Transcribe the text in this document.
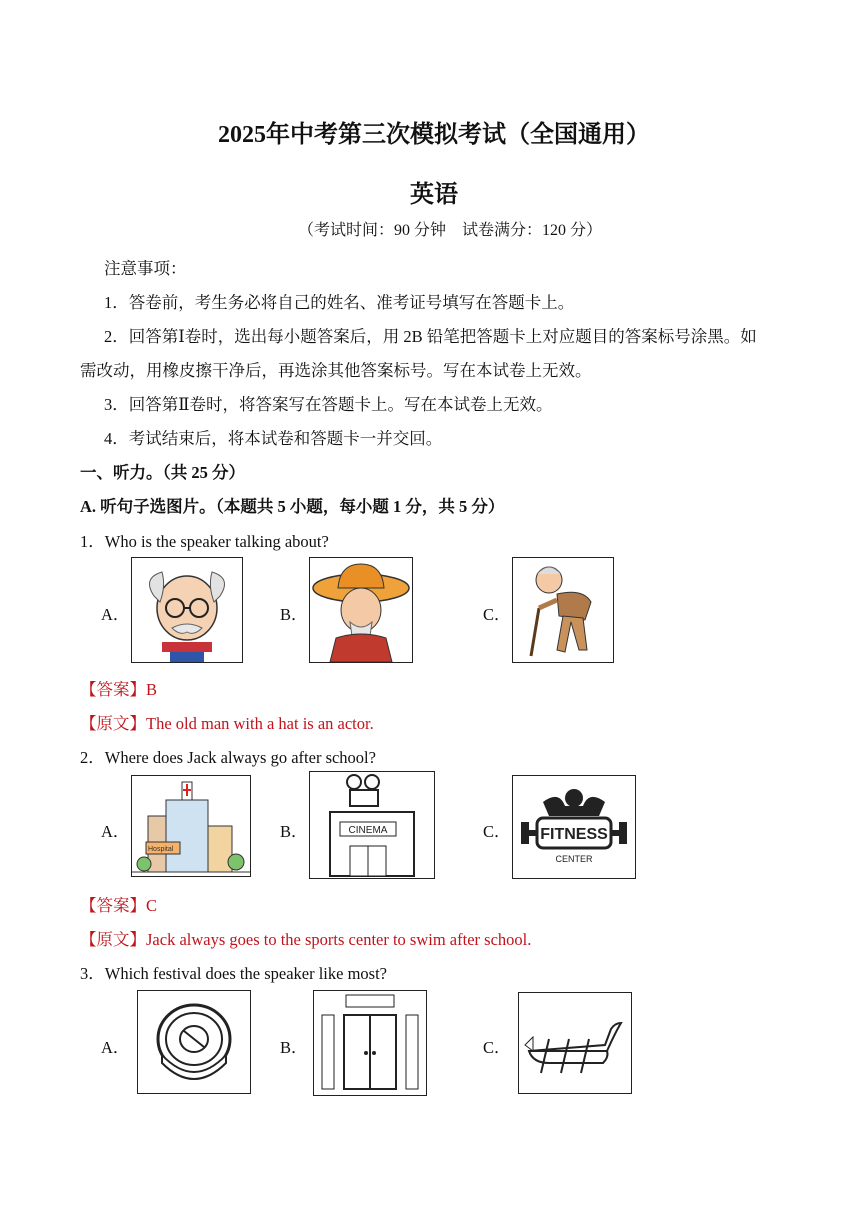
2025年中考第三次模拟考试（全国通用）
英语
（考试时间：90 分钟　试卷满分：120 分）
注意事项：
1．答卷前，考生务必将自己的姓名、准考证号填写在答题卡上。
2．回答第Ⅰ卷时，选出每小题答案后，用 2B 铅笔把答题卡上对应题目的答案标号涂黑。如
需改动，用橡皮擦干净后，再选涂其他答案标号。写在本试卷上无效。
3．回答第Ⅱ卷时，将答案写在答题卡上。写在本试卷上无效。
4．考试结束后，将本试卷和答题卡一并交回。
一、听力。（共 25 分）
A. 听句子选图片。（本题共 5 小题，每小题 1 分，共 5 分）
1．Who is the speaker talking about?
A．	B．	C．
【答案】B
【原文】The old man with a hat is an actor.
2．Where does Jack always go after school?
A．
Hospital
B．	CINEMA	C． FITNESS
CENTER
【答案】C
【原文】Jack always goes to the sports center to swim after school.
3．Which festival does the speaker like most?
A．	B．	C．
